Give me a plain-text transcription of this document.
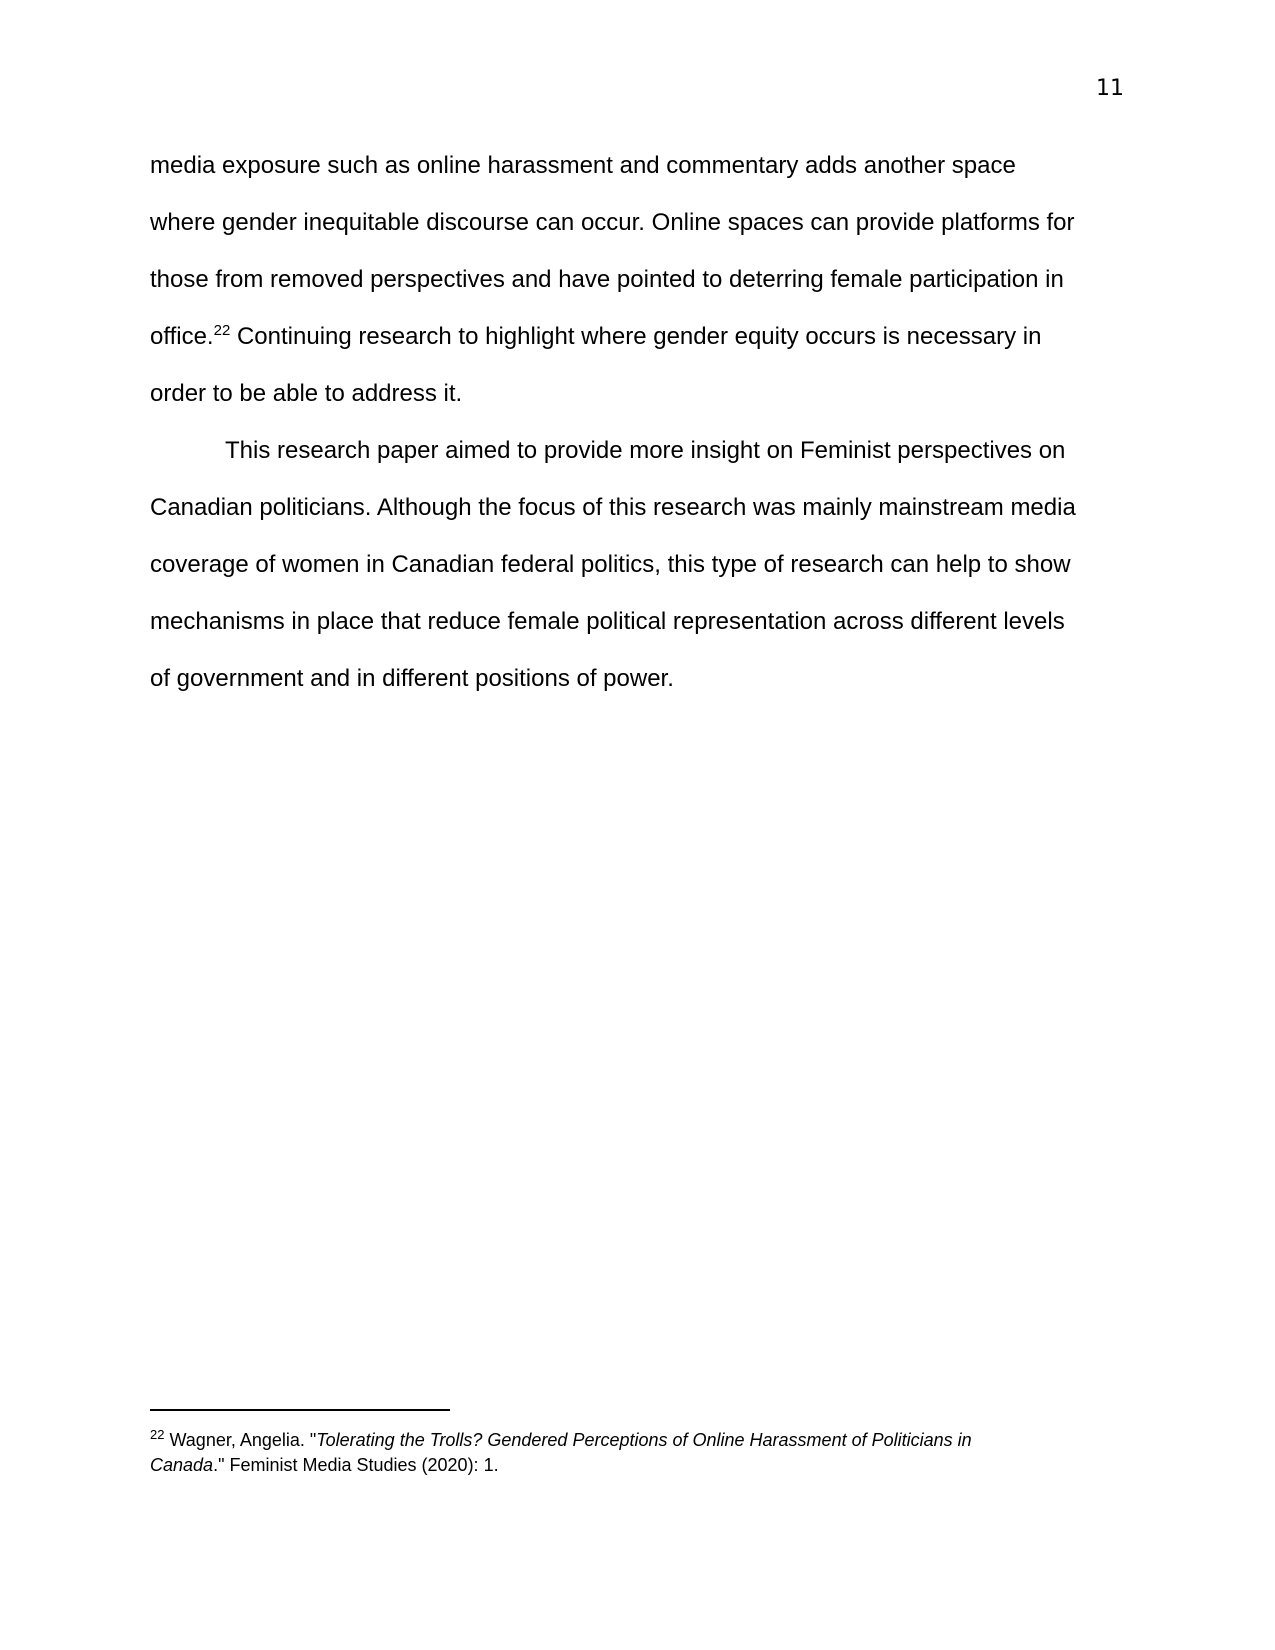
11
media exposure such as online harassment and commentary adds another space
where gender inequitable discourse can occur. Online spaces can provide platforms for
those from removed perspectives and have pointed to deterring female participation in
office.$^{22}$ Continuing research to highlight where gender equity occurs is necessary in
order to be able to address it.
This research paper aimed to provide more insight on Feminist perspectives on
Canadian politicians. Although the focus of this research was mainly mainstream media
coverage of women in Canadian federal politics, this type of research can help to show
mechanisms in place that reduce female political representation across different levels
of government and in different positions of power.
$^{22}$ Wagner, Angelia. "Tolerating the Trolls? Gendered Perceptions of Online Harassment of Politicians in
Canada." Feminist Media Studies (2020): 1.
